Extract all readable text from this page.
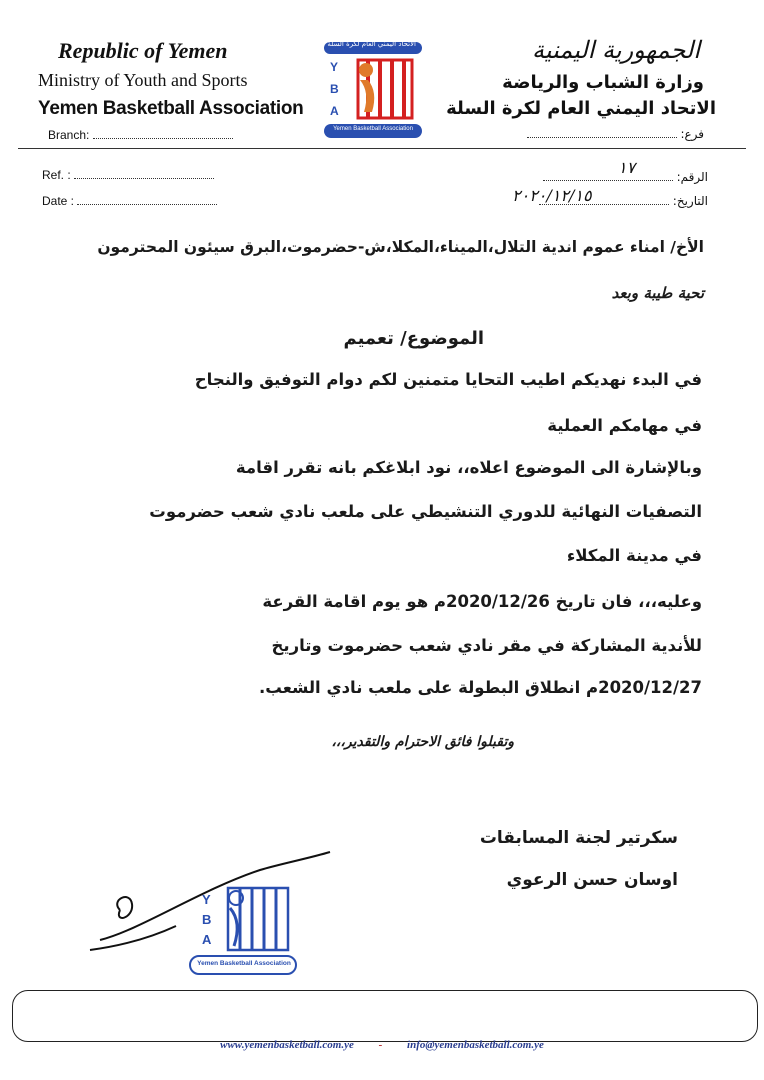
Republic of Yemen
Ministry of Youth and Sports
Yemen Basketball Association
Branch:
الجمهورية اليمنية
وزارة الشباب والرياضة
الاتحاد اليمني العام لكرة السلة
فرع:
الاتحاد اليمني العام لكرة السلة
Y
B
A
Yemen Basketball Association
Ref. :
Date :
الرقم:
التاريخ:
١٧
٢٠٢٠/١٢/١٥
الأخ/ امناء عموم اندية التلال،الميناء،المكلا،ش-حضرموت،البرق سيئون المحترمون
تحية طيبة وبعد
الموضوع/ تعميم
في البدء نهديكم اطيب التحايا متمنين لكم دوام التوفيق والنجاح
في مهامكم العملية
وبالإشارة الى الموضوع اعلاه،، نود ابلاغكم بانه تقرر اقامة
التصفيات النهائية للدوري التنشيطي على ملعب نادي شعب حضرموت
في مدينة المكلاء
وعليه،،، فان تاريخ 2020/12/26م هو يوم اقامة القرعة
للأندية المشاركة في مقر نادي شعب حضرموت وتاريخ
2020/12/27م انطلاق البطولة على ملعب نادي الشعب.
وتقبلوا فائق الاحترام والتقدير،،،
سكرتير لجنة المسابقات
اوسان حسن الرعوي
Y
B
A
Yemen Basketball Association
www.yemenbasketball.com.ye - info@yemenbasketball.com.ye
